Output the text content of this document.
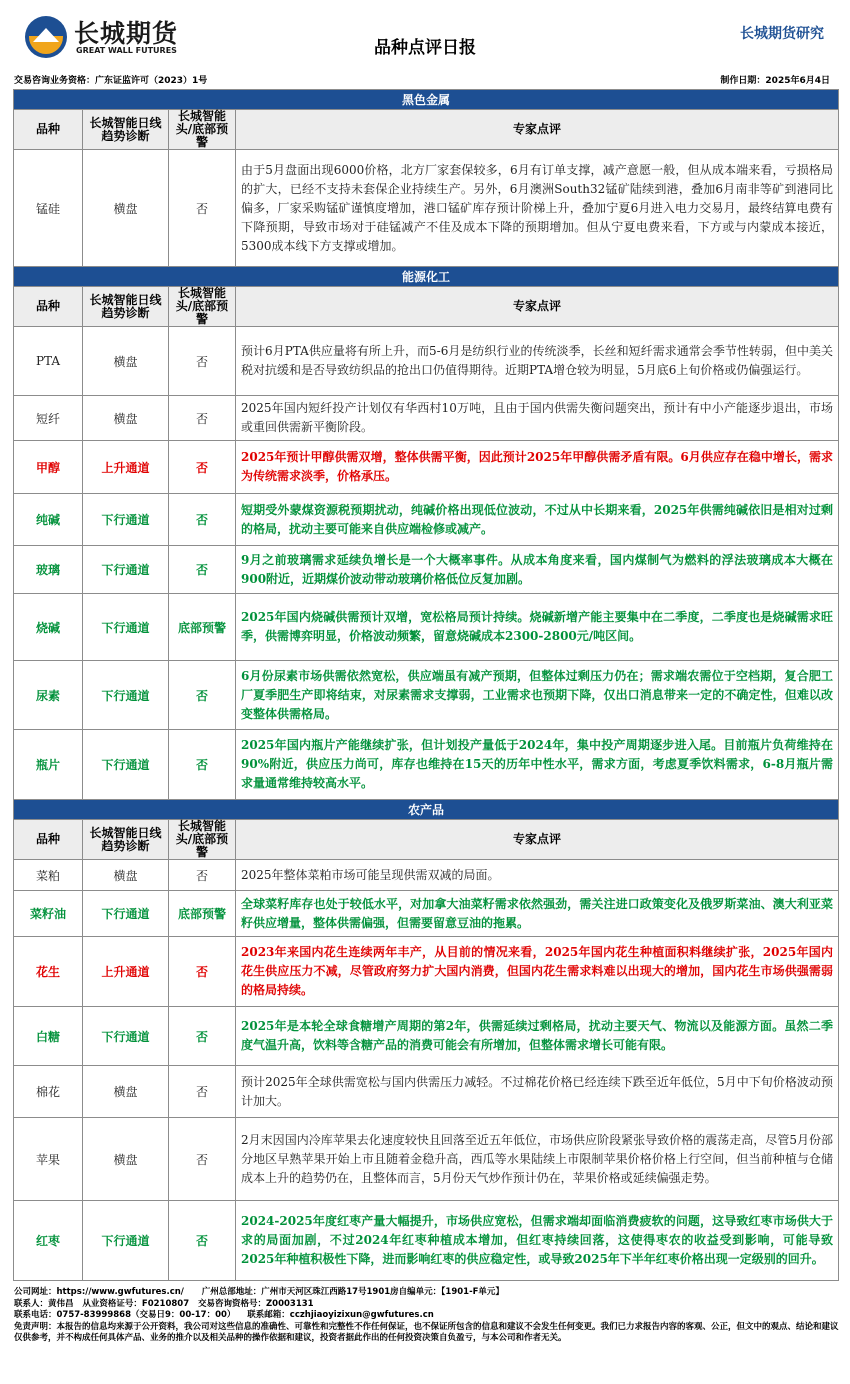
长城期货
GREAT WALL FUTURES	品种点评日报
长城期货研究
交易咨询业务资格：广东证监许可（2023）1号	制作日期：2025年6月4日
黑色金属			
品种	长城智能日线趋势诊断	长城智能头/底部预警	专家点评
锰硅	横盘	否	由于5月盘面出现6000价格，北方厂家套保较多，6月有订单支撑，减产意愿一般，但从成本端来看，亏损格局的扩大，已经不支持未套保企业持续生产。另外，6月澳洲South32锰矿陆续到港，叠加6月南非等矿到港同比偏多，厂家采购锰矿谨慎度增加，港口锰矿库存预计阶梯上升，叠加宁夏6月进入电力交易月，最终结算电费有下降预期，导致市场对于硅锰减产不佳及成本下降的预期增加。但从宁夏电费来看，下方或与内蒙成本接近，5300成本线下方支撑或增加。
能源化工			
品种	长城智能日线趋势诊断	长城智能头/底部预警	专家点评
PTA	横盘	否	预计6月PTA供应量将有所上升，而5-6月是纺织行业的传统淡季，长丝和短纤需求通常会季节性转弱，但中美关税对抗缓和是否导致纺织品的抢出口仍值得期待。近期PTA增仓较为明显，5月底6上旬价格或仍偏强运行。
短纤	横盘	否	2025年国内短纤投产计划仅有华西村10万吨，且由于国内供需失衡问题突出，预计有中小产能逐步退出，市场或重回供需新平衡阶段。
甲醇	上升通道	否	2025年预计甲醇供需双增，整体供需平衡，因此预计2025年甲醇供需矛盾有限。6月供应存在稳中增长，需求为传统需求淡季，价格承压。
纯碱	下行通道	否	短期受外蒙煤资源税预期扰动，纯碱价格出现低位波动，不过从中长期来看，2025年供需纯碱依旧是相对过剩的格局，扰动主要可能来自供应端检修或减产。
玻璃	下行通道	否	9月之前玻璃需求延续负增长是一个大概率事件。从成本角度来看，国内煤制气为燃料的浮法玻璃成本大概在900附近，近期煤价波动带动玻璃价格低位反复加剧。
烧碱	下行通道	底部预警	2025年国内烧碱供需预计双增，宽松格局预计持续。烧碱新增产能主要集中在二季度，二季度也是烧碱需求旺季，供需博弈明显，价格波动频繁，留意烧碱成本2300-2800元/吨区间。
尿素	下行通道	否	6月份尿素市场供需依然宽松，供应端虽有减产预期，但整体过剩压力仍在；需求端农需位于空档期，复合肥工厂夏季肥生产即将结束，对尿素需求支撑弱，工业需求也预期下降，仅出口消息带来一定的不确定性，但难以改变整体供需格局。
瓶片	下行通道	否	2025年国内瓶片产能继续扩张，但计划投产量低于2024年，集中投产周期逐步进入尾。目前瓶片负荷维持在90%附近，供应压力尚可，库存也维持在15天的历年中性水平，需求方面，考虑夏季饮料需求，6-8月瓶片需求量通常维持较高水平。
农产品			
品种	长城智能日线趋势诊断	长城智能头/底部预警	专家点评
菜粕	横盘	否	2025年整体菜粕市场可能呈现供需双减的局面。
菜籽油	下行通道	底部预警	全球菜籽库存也处于较低水平，对加拿大油菜籽需求依然强劲，需关注进口政策变化及俄罗斯菜油、澳大利亚菜籽供应增量，整体供需偏强，但需要留意豆油的拖累。
花生	上升通道	否	2023年来国内花生连续两年丰产，从目前的情况来看，2025年国内花生种植面积料继续扩张，2025年国内花生供应压力不减，尽管政府努力扩大国内消费，但国内花生需求料难以出现大的增加，国内花生市场供强需弱的格局持续。
白糖	下行通道	否	2025年是本轮全球食糖增产周期的第2年，供需延续过剩格局，扰动主要天气、物流以及能源方面。虽然二季度气温升高，饮料等含糖产品的消费可能会有所增加，但整体需求增长可能有限。
棉花	横盘	否	预计2025年全球供需宽松与国内供需压力减轻。不过棉花价格已经连续下跌至近年低位，5月中下旬价格波动预计加大。
苹果	横盘	否	2月末因国内冷库苹果去化速度较快且回落至近五年低位，市场供应阶段紧张导致价格的震荡走高，尽管5月份部分地区早熟苹果开始上市且随着金稳升高，西瓜等水果陆续上市限制苹果价格价格上行空间，但当前种植与仓储成本上升的趋势仍在，且整体而言，5月份天气炒作预计仍在，苹果价格或延续偏强走势。
红枣	下行通道	否	2024-2025年度红枣产量大幅提升，市场供应宽松，但需求端却面临消费疲软的问题，这导致红枣市场供大于求的局面加剧，不过2024年红枣种植成本增加，但红枣持续回落，这使得枣农的收益受到影响，可能导致2025年种植积极性下降，进而影响红枣的供应稳定性，或导致2025年下半年红枣价格出现一定级别的回升。
公司网址：https://www.gwfutures.cn/ 广州总部地址：广州市天河区珠江西路17号1901房自编单元：【1901-F单元】
联系人：黄伟昌 从业资格证号：F0210807 交易咨询资格号：Z0003131
联系电话：0757-83999868（交易日9：00-17：00） 联系邮箱：cczhjiaoyizixun@gwfutures.cn
免责声明：本报告的信息均来源于公开资料，我公司对这些信息的准确性、可靠性和完整性不作任何保证，也不保证所包含的信息和建议不会发生任何变更。我们已力求报告内容的客观、公正，但文中的观点、结论和建议仅供参考，并不构成任何具体产品、业务的推介以及相关品种的操作依据和建议，投资者据此作出的任何投资决策自负盈亏，与本公司和作者无关。
